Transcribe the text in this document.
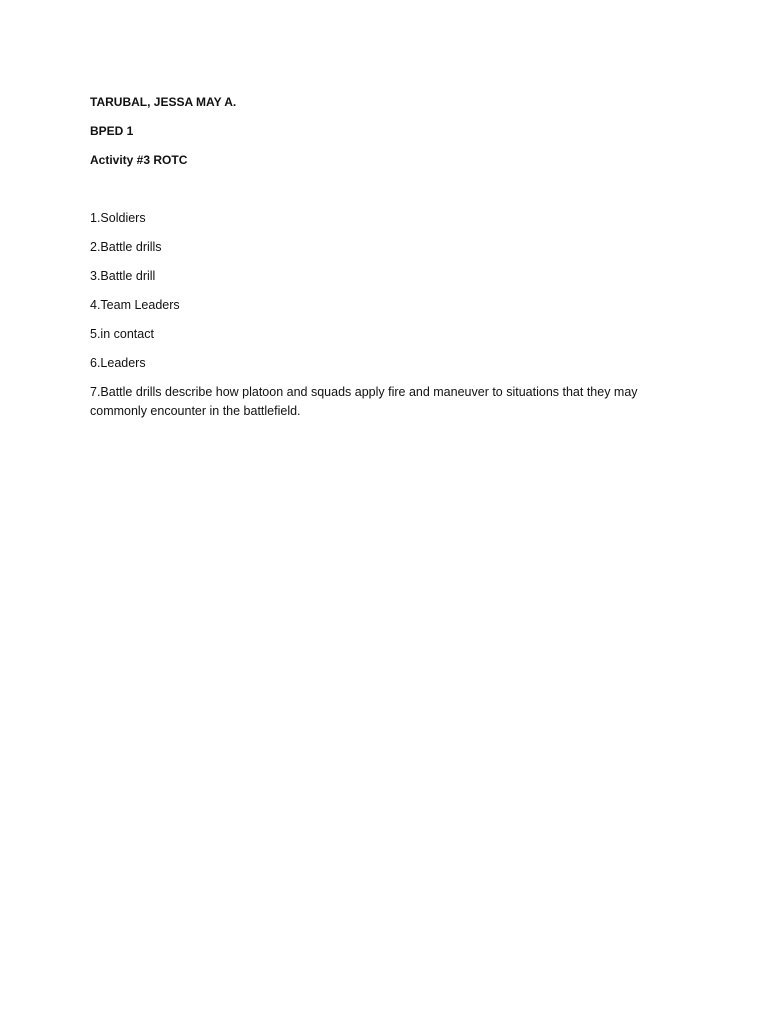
TARUBAL, JESSA MAY A.

BPED 1

Activity #3 ROTC

1.Soldiers

2.Battle drills

3.Battle drill

4.Team Leaders

5.in contact

6.Leaders

7.Battle drills describe how platoon and squads apply fire and maneuver to situations that they may commonly encounter in the battlefield.
